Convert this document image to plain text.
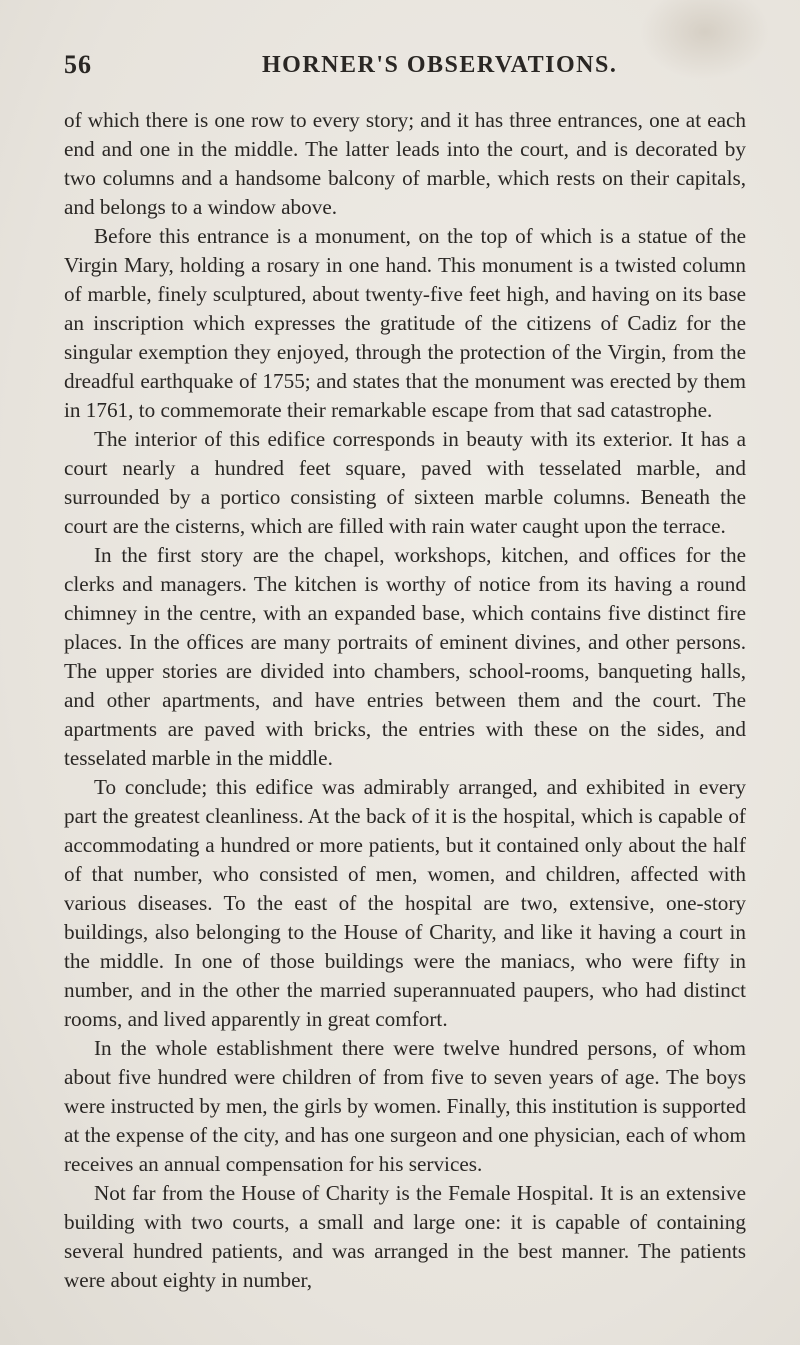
56	HORNER'S OBSERVATIONS.

of which there is one row to every story; and it has three entrances, one at each end and one in the middle. The latter leads into the court, and is decorated by two columns and a handsome balcony of marble, which rests on their capitals, and belongs to a window above.

Before this entrance is a monument, on the top of which is a statue of the Virgin Mary, holding a rosary in one hand. This monument is a twisted column of marble, finely sculptured, about twenty-five feet high, and having on its base an inscription which expresses the gratitude of the citizens of Cadiz for the singular exemption they enjoyed, through the protection of the Virgin, from the dreadful earthquake of 1755; and states that the monument was erected by them in 1761, to commemorate their remarkable escape from that sad catastrophe.

The interior of this edifice corresponds in beauty with its exterior. It has a court nearly a hundred feet square, paved with tesselated marble, and surrounded by a portico consisting of sixteen marble columns. Beneath the court are the cisterns, which are filled with rain water caught upon the terrace.

In the first story are the chapel, workshops, kitchen, and offices for the clerks and managers. The kitchen is worthy of notice from its having a round chimney in the centre, with an expanded base, which contains five distinct fire places. In the offices are many portraits of eminent divines, and other persons. The upper stories are divided into chambers, school-rooms, banqueting halls, and other apartments, and have entries between them and the court. The apartments are paved with bricks, the entries with these on the sides, and tesselated marble in the middle.

To conclude; this edifice was admirably arranged, and exhibited in every part the greatest cleanliness. At the back of it is the hospital, which is capable of accommodating a hundred or more patients, but it contained only about the half of that number, who consisted of men, women, and children, affected with various diseases. To the east of the hospital are two, extensive, one-story buildings, also belonging to the House of Charity, and like it having a court in the middle. In one of those buildings were the maniacs, who were fifty in number, and in the other the married superannuated paupers, who had distinct rooms, and lived apparently in great comfort.

In the whole establishment there were twelve hundred persons, of whom about five hundred were children of from five to seven years of age. The boys were instructed by men, the girls by women. Finally, this institution is supported at the expense of the city, and has one surgeon and one physician, each of whom receives an annual compensation for his services.

Not far from the House of Charity is the Female Hospital. It is an extensive building with two courts, a small and large one: it is capable of containing several hundred patients, and was arranged in the best manner. The patients were about eighty in number,
